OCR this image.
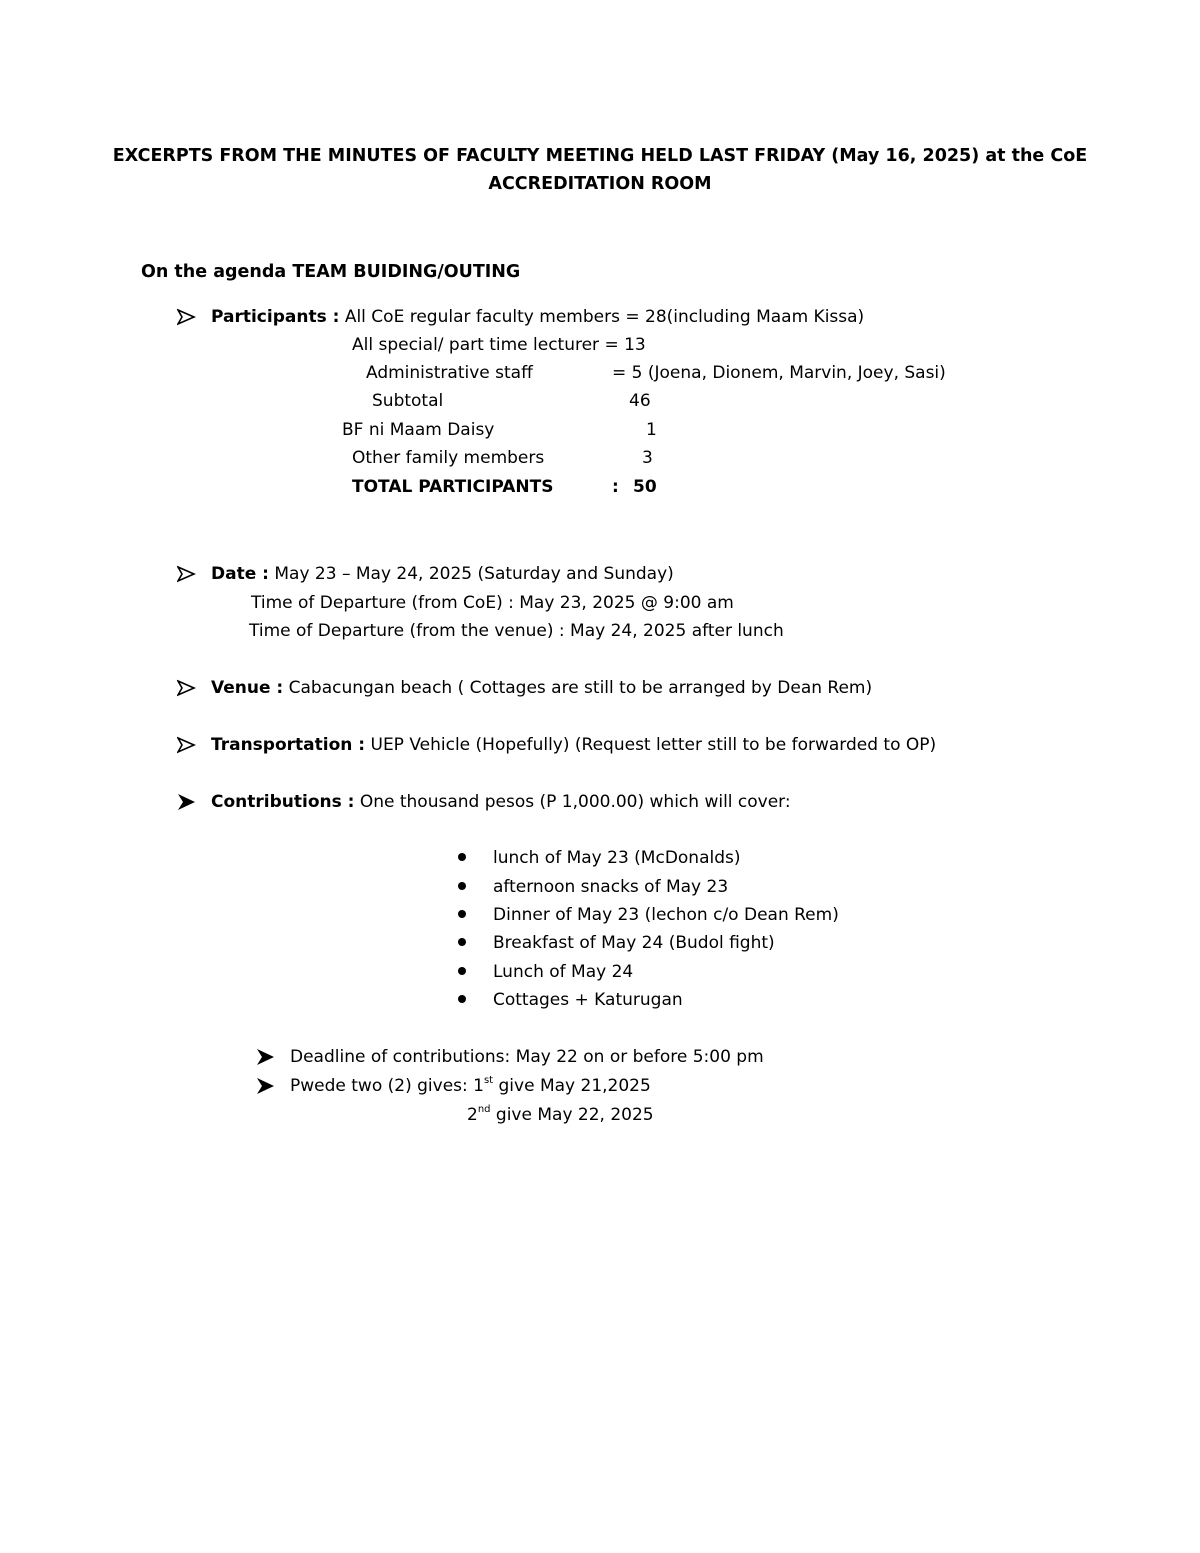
EXCERPTS FROM THE MINUTES OF FACULTY MEETING HELD LAST FRIDAY (May 16, 2025) at the CoE
ACCREDITATION ROOM
On the agenda TEAM BUIDING/OUTING
Participants : All CoE regular faculty members = 28(including Maam Kissa)
All special/ part time lecturer = 13
Administrative staff	= 5 (Joena, Dionem, Marvin, Joey, Sasi)
Subtotal	46
BF ni Maam Daisy	1
Other family members	3
TOTAL PARTICIPANTS	: 50
Date : May 23 – May 24, 2025 (Saturday and Sunday)
Time of Departure (from CoE) : May 23, 2025 @ 9:00 am
Time of Departure (from the venue) : May 24, 2025 after lunch
Venue : Cabacungan beach ( Cottages are still to be arranged by Dean Rem)
Transportation : UEP Vehicle (Hopefully) (Request letter still to be forwarded to OP)
Contributions : One thousand pesos (P 1,000.00) which will cover:
lunch of May 23 (McDonalds)
afternoon snacks of May 23
Dinner of May 23 (lechon c/o Dean Rem)
Breakfast of May 24 (Budol fight)
Lunch of May 24
Cottages + Katurugan
Deadline of contributions: May 22 on or before 5:00 pm
Pwede two (2) gives: 1st give May 21,2025
2nd give May 22, 2025
